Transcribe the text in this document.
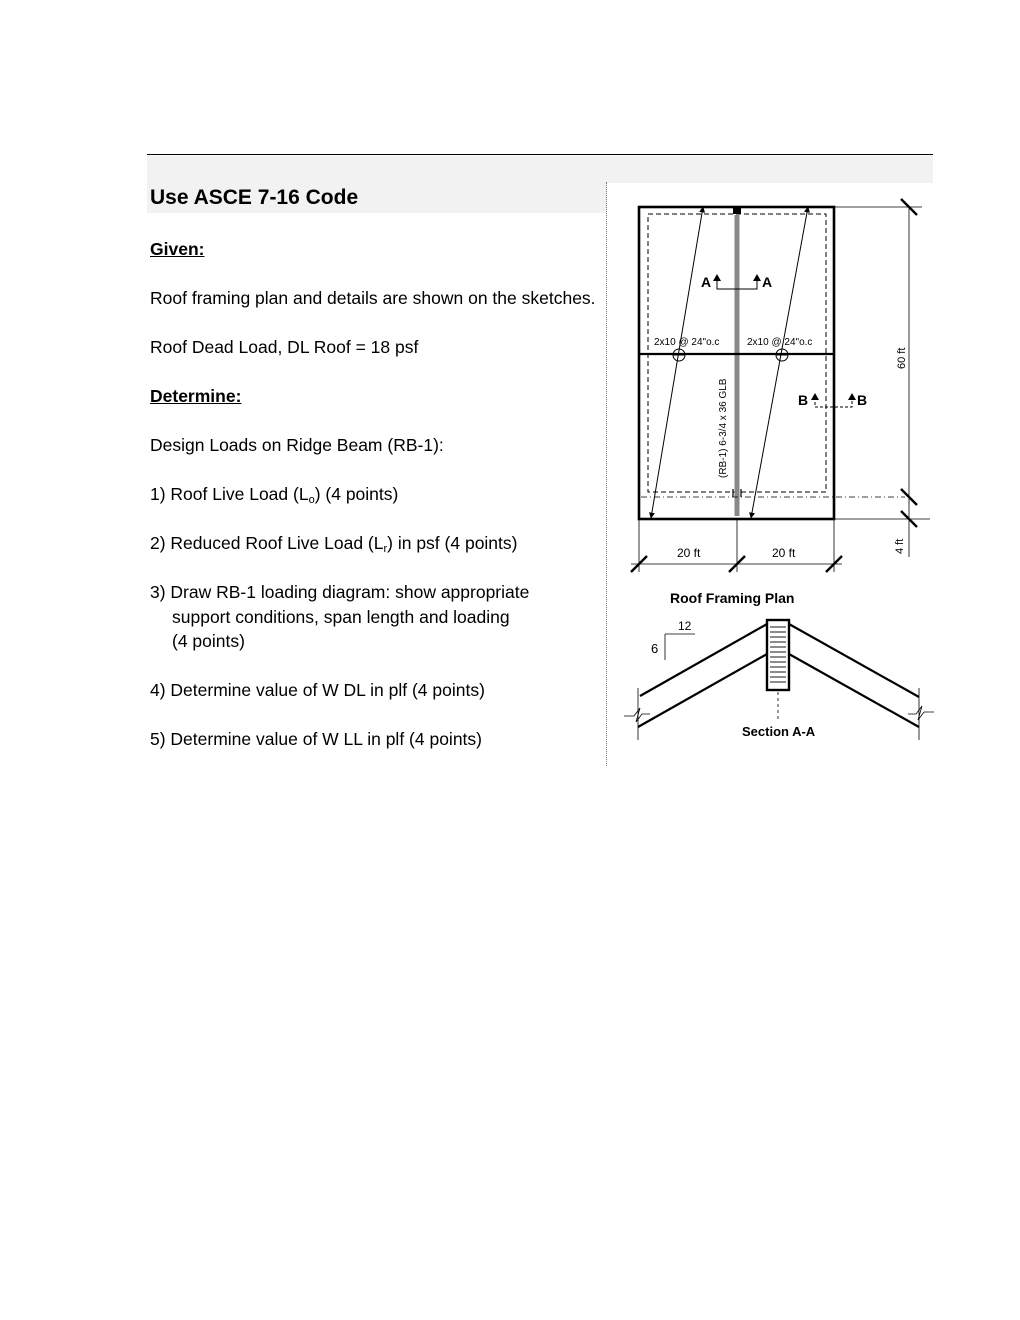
Use ASCE 7-16 Code
Given:
Roof framing plan and details are shown on the sketches.
Roof Dead Load, DL Roof = 18 psf
Determine:
Design Loads on Ridge Beam (RB-1):
1) Roof Live Load $(L_o)$ (4 points)
2) Reduced Roof Live Load $(L_r)$ in psf (4 points)
3) Draw RB-1 loading diagram: show appropriate
support conditions, span length and loading
(4 points)
4) Determine value of W DL in plf (4 points)
5) Determine value of W LL in plf (4 points)
2x10 @ 24"o.c	2x10 @ 24"o.c
A	A
B	B
(RB-1) 6-3/4 x 36 GLB
60 ft
4 ft
20 ft	20 ft
Roof Framing Plan
12
6
Section A-A
